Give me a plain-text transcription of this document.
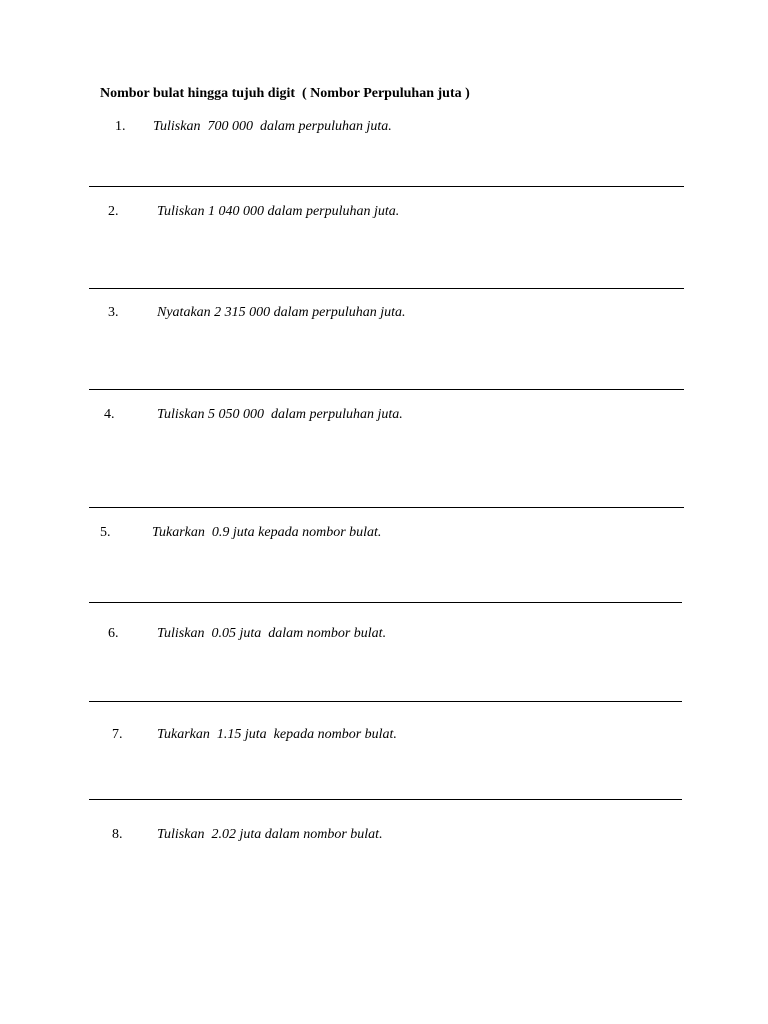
Nombor bulat hingga tujuh digit  ( Nombor Perpuluhan juta )
1. Tuliskan  700 000  dalam perpuluhan juta.
2.	Tuliskan 1 040 000 dalam perpuluhan juta.
3.	Nyatakan 2 315 000 dalam perpuluhan juta.
4.	Tuliskan 5 050 000  dalam perpuluhan juta.
5.	Tukarkan  0.9 juta kepada nombor bulat.
6.	Tuliskan  0.05 juta  dalam nombor bulat.
7. Tukarkan  1.15 juta  kepada nombor bulat.
8. Tuliskan  2.02 juta dalam nombor bulat.
